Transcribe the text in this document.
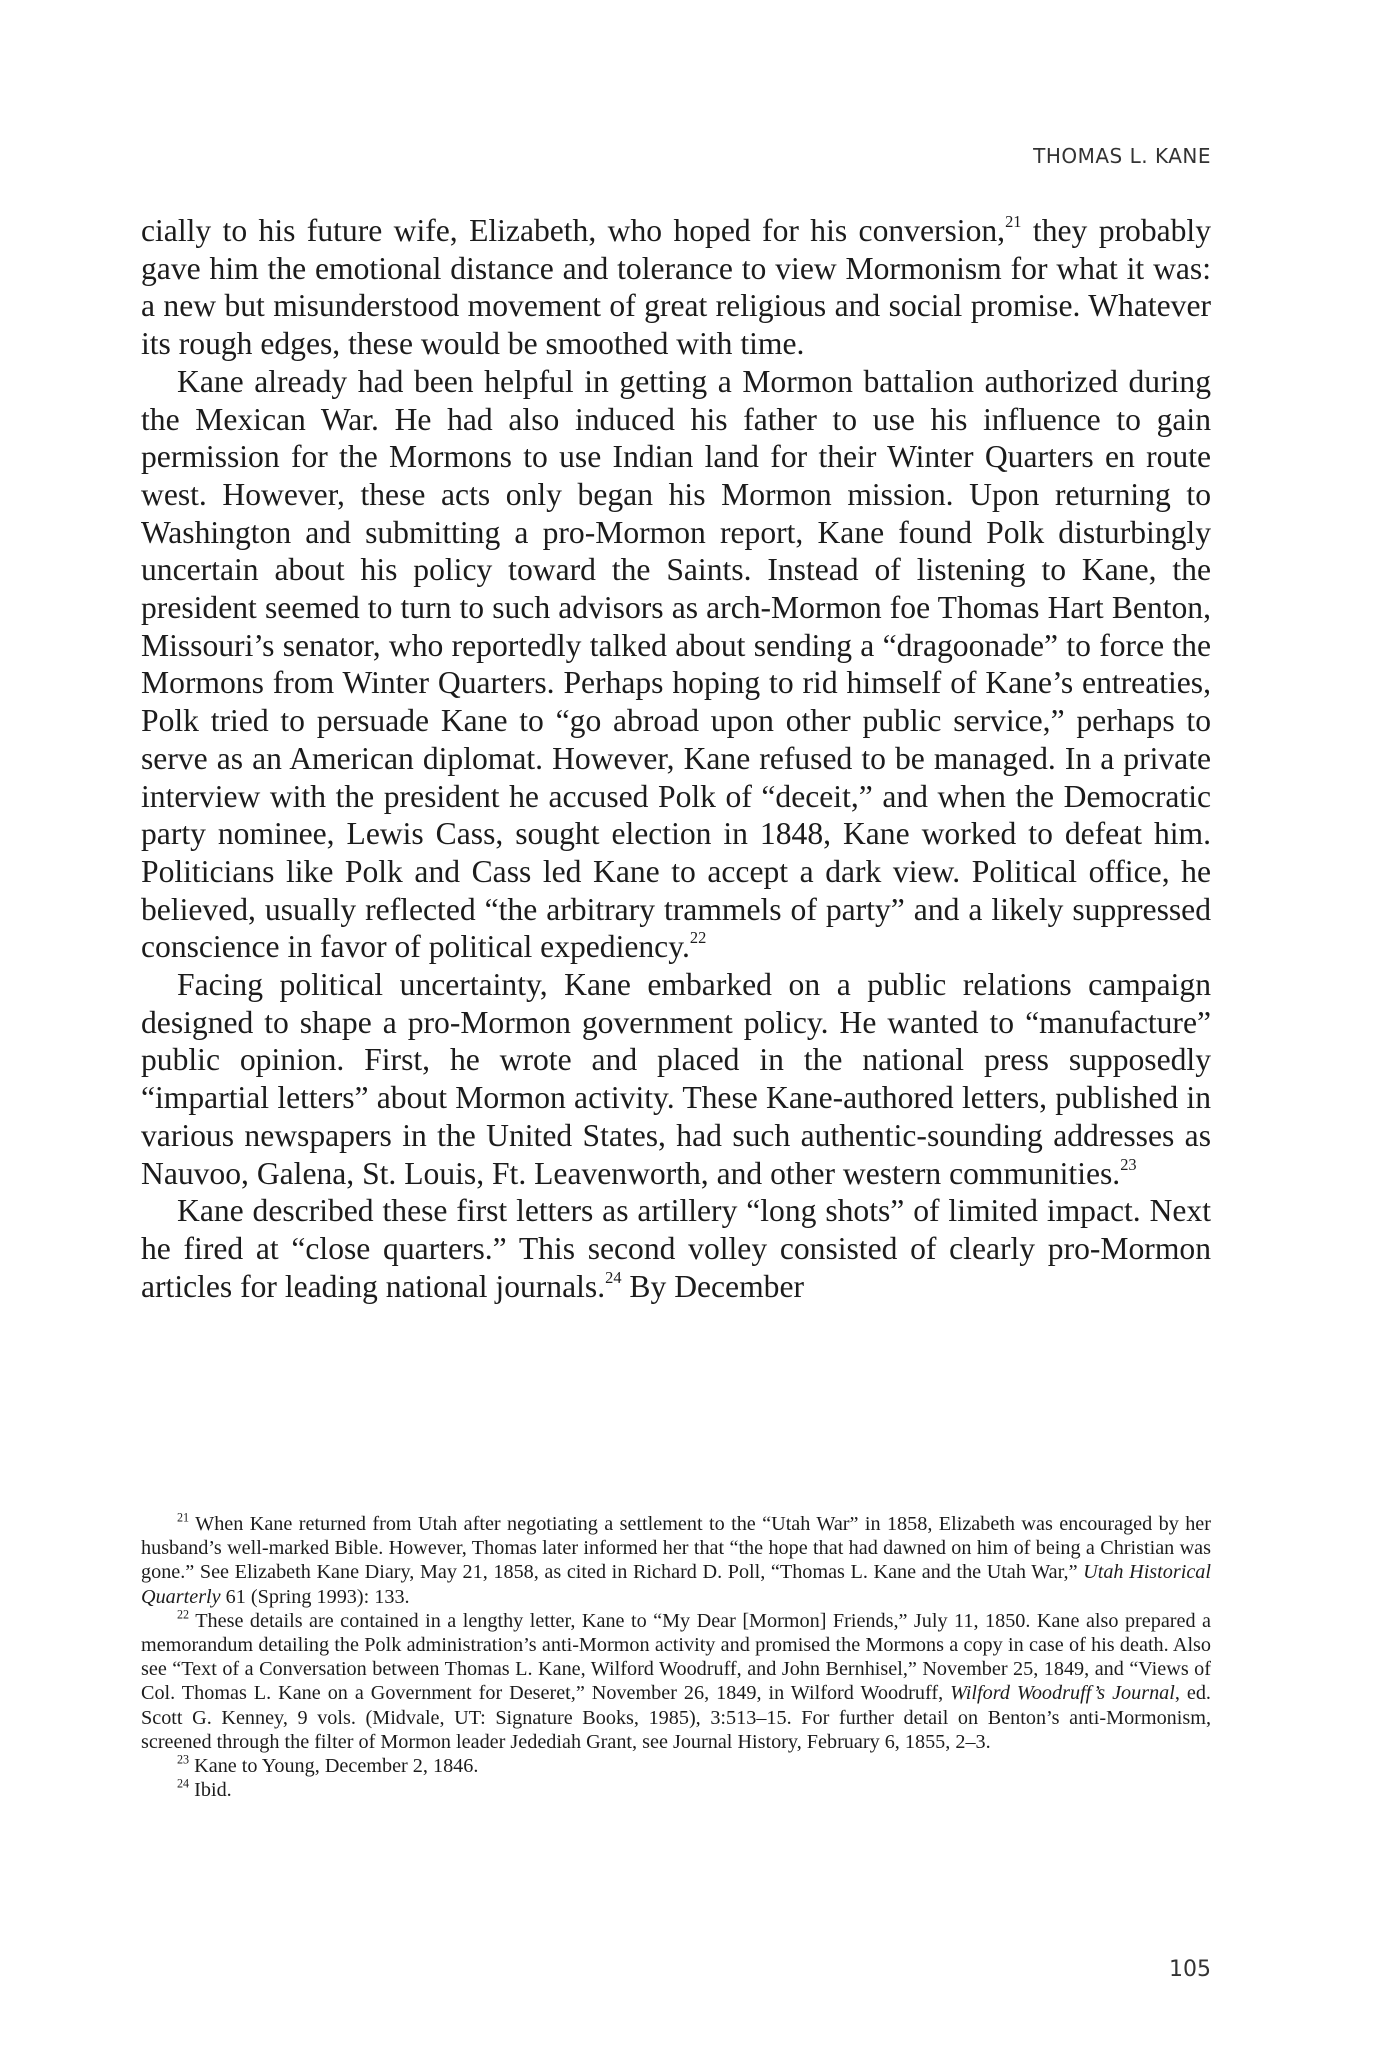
THOMAS L. KANE

cially to his future wife, Elizabeth, who hoped for his conversion,$^{21}$ they probably gave him the emotional distance and tolerance to view Mormonism for what it was: a new but misunderstood movement of great religious and social promise. Whatever its rough edges, these would be smoothed with time.

Kane already had been helpful in getting a Mormon battalion authorized during the Mexican War. He had also induced his father to use his influence to gain permission for the Mormons to use Indian land for their Winter Quarters en route west. However, these acts only began his Mormon mission. Upon returning to Washington and submitting a pro-Mormon report, Kane found Polk disturbingly uncertain about his policy toward the Saints. Instead of listening to Kane, the president seemed to turn to such advisors as arch-Mormon foe Thomas Hart Benton, Missouri’s senator, who reportedly talked about sending a “dragoonade” to force the Mormons from Winter Quarters. Perhaps hoping to rid himself of Kane’s entreaties, Polk tried to persuade Kane to “go abroad upon other public service,” perhaps to serve as an American diplomat. However, Kane refused to be managed. In a private interview with the president he accused Polk of “deceit,” and when the Democratic party nominee, Lewis Cass, sought election in 1848, Kane worked to defeat him. Politicians like Polk and Cass led Kane to accept a dark view. Political office, he believed, usually reflected “the arbitrary trammels of party” and a likely suppressed conscience in favor of political expediency.$^{22}$

Facing political uncertainty, Kane embarked on a public relations campaign designed to shape a pro-Mormon government policy. He wanted to “manufacture” public opinion. First, he wrote and placed in the national press supposedly “impartial letters” about Mormon activity. These Kane-authored letters, published in various newspapers in the United States, had such authentic-sounding addresses as Nauvoo, Galena, St. Louis, Ft. Leavenworth, and other western communities.$^{23}$

Kane described these first letters as artillery “long shots” of limited impact. Next he fired at “close quarters.” This second volley consisted of clearly pro-Mormon articles for leading national journals.$^{24}$ By December

$^{21}$ When Kane returned from Utah after negotiating a settlement to the “Utah War” in 1858, Elizabeth was encouraged by her husband’s well-marked Bible. However, Thomas later informed her that “the hope that had dawned on him of being a Christian was gone.” See Elizabeth Kane Diary, May 21, 1858, as cited in Richard D. Poll, “Thomas L. Kane and the Utah War,” Utah Historical Quarterly 61 (Spring 1993): 133.

$^{22}$ These details are contained in a lengthy letter, Kane to “My Dear [Mormon] Friends,” July 11, 1850. Kane also prepared a memorandum detailing the Polk administration’s anti-Mormon activity and promised the Mormons a copy in case of his death. Also see “Text of a Conversation between Thomas L. Kane, Wilford Woodruff, and John Bernhisel,” November 25, 1849, and “Views of Col. Thomas L. Kane on a Government for Deseret,” November 26, 1849, in Wilford Woodruff, Wilford Woodruff’s Journal, ed. Scott G. Kenney, 9 vols. (Midvale, UT: Signature Books, 1985), 3:513–15. For further detail on Benton’s anti-Mormonism, screened through the filter of Mormon leader Jedediah Grant, see Journal History, February 6, 1855, 2–3.

$^{23}$ Kane to Young, December 2, 1846.

$^{24}$ Ibid.

105
